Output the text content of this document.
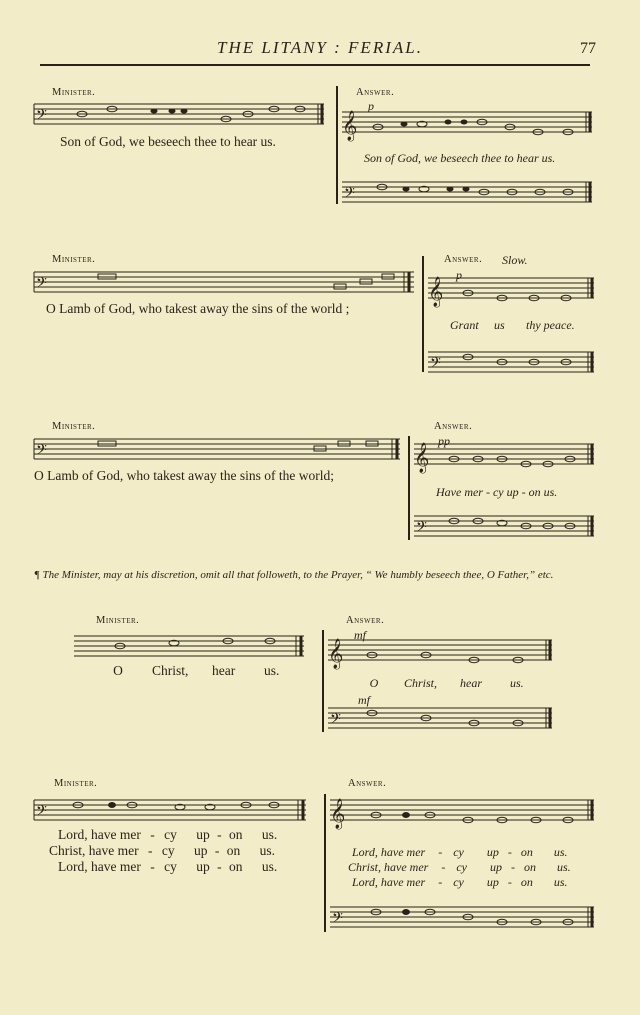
THE LITANY : FERIAL.	77
Minister.
𝄢
Son of God, we beseech thee to hear us.
Answer.
p
𝄞
Son of God, we beseech thee to hear us.
𝄢
Minister.
𝄢
O Lamb of God, who takest away the sins of the world ;
Answer. Slow.
p
𝄞
Grant us thy peace.
𝄢
Minister.
𝄢
O Lamb of God, who takest away the sins of the world;
Answer.
pp
𝄞
Have mer - cy up - on us.
𝄢
¶ The Minister, may at his discretion, omit all that followeth, to the Prayer, “ We humbly beseech thee, O Father,” etc.
Minister.
O	Christ, hear us.
Answer.
mf
𝄞
O	Christ, hear us.
mf
𝄢
Minister.
𝄢
Lord, have mer - cy up - on us.
Christ, have mer - cy up - on us.
Lord, have mer - cy up - on us.
Answer.
𝄞
Lord, have mer - cy up - on us.
Christ, have mer - cy up - on us.
Lord, have mer - cy up - on us.
𝄢
